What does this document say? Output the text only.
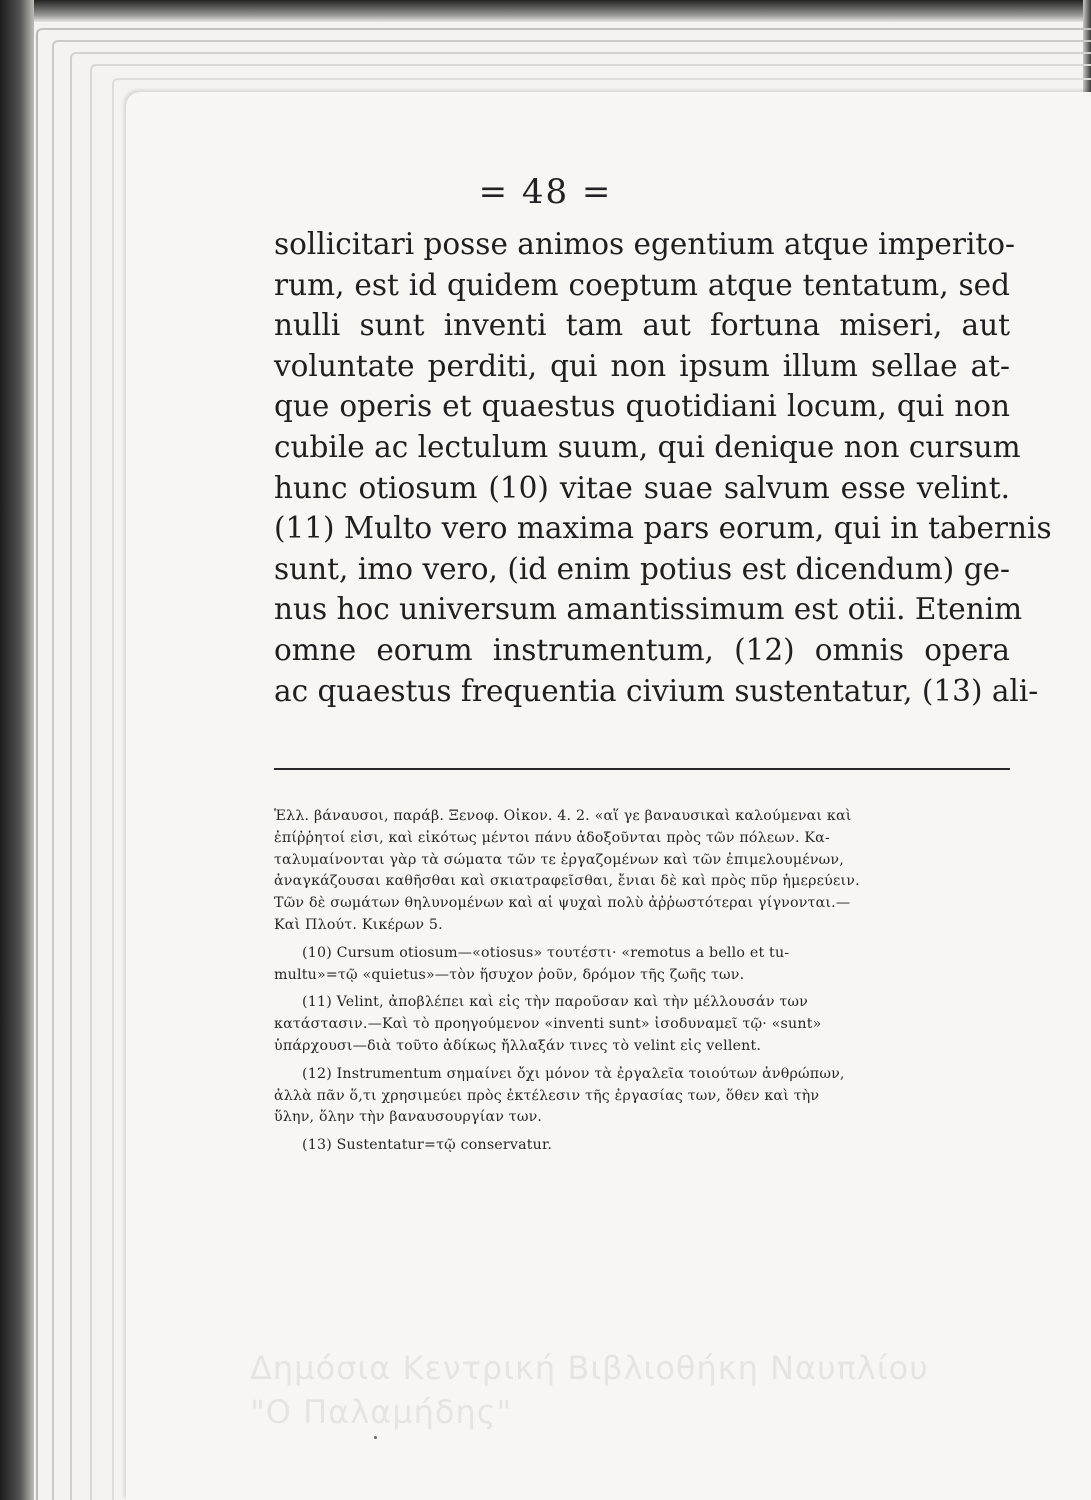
= 48 =

sollicitari posse animos egentium atque imperito-
rum, est id quidem coeptum atque tentatum, sed
nulli sunt inventi tam aut fortuna miseri, aut
voluntate perditi, qui non ipsum illum sellae at-
que operis et quaestus quotidiani locum, qui non
cubile ac lectulum suum, qui denique non cursum
hunc otiosum (10) vitae suae salvum esse velint.
(11) Multo vero maxima pars eorum, qui in tabernis
sunt, imo vero, (id enim potius est dicendum) ge-
nus hoc universum amantissimum est otii. Etenim
omne eorum instrumentum, (12) omnis opera
ac quaestus frequentia civium sustentatur, (13) ali-

Ἑλλ. βάναυσοι, παράβ. Ξενοφ. Οἰκον. 4. 2. «αἵ γε βαναυσικαὶ καλούμεναι καὶ

ἐπίῤῥητοί εἰσι, καὶ εἰκότως μέντοι πάνυ ἀδοξοῦνται πρὸς τῶν πόλεων. Κα-

ταλυμαίνονται γὰρ τὰ σώματα τῶν τε ἐργαζομένων καὶ τῶν ἐπιμελουμένων,

ἀναγκάζουσαι καθῆσθαι καὶ σκιατραφεῖσθαι, ἔνιαι δὲ καὶ πρὸς πῦρ ἡμερεύειν.

Τῶν δὲ σωμάτων θηλυνομένων καὶ αἱ ψυχαὶ πολὺ ἀῤῥωστότεραι γίγνονται.—

Καὶ Πλούτ. Κικέρων 5.

(10) Cursum otiosum—«otiosus» τουτέστι· «remotus a bello et tu-

multu»=τῷ «quietus»—τὸν ἥσυχον ῥοῦν, δρόμον τῆς ζωῆς των.

(11) Velint, ἀποβλέπει καὶ εἰς τὴν παροῦσαν καὶ τὴν μέλλουσάν των

κατάστασιν.—Καὶ τὸ προηγούμενον «inventi sunt» ἰσοδυναμεῖ τῷ· «sunt»

ὑπάρχουσι—διὰ τοῦτο ἀδίκως ἤλλαξάν τινες τὸ velint εἰς vellent.

(12) Instrumentum σημαίνει ὄχι μόνον τὰ ἐργαλεῖα τοιούτων ἀνθρώπων,

ἀλλὰ πᾶν ὅ,τι χρησιμεύει πρὸς ἐκτέλεσιν τῆς ἐργασίας των, ὅθεν καὶ τὴν

ὕλην, ὅλην τὴν βαναυσουργίαν των.

(13) Sustentatur=τῷ conservatur.

Δημόσια Κεντρική Βιβλιοθήκη Ναυπλίου
"Ο Παλαμήδης"
